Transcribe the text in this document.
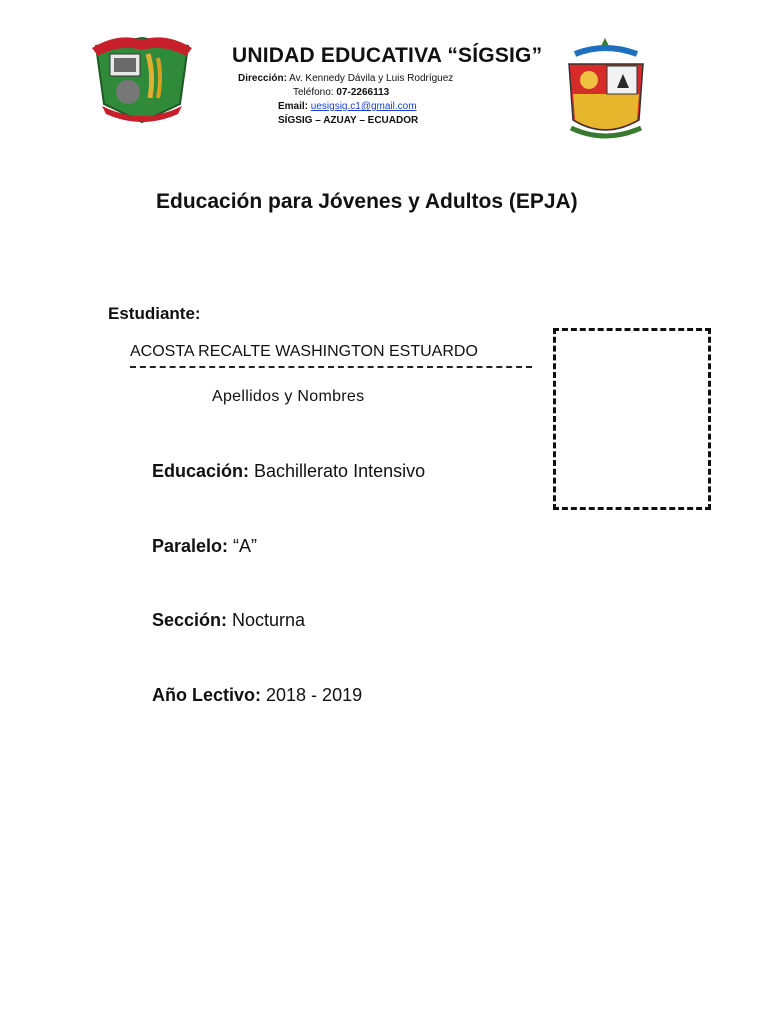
UNIDAD EDUCATIVA “SÍGSIG”
Dirección: Av. Kennedy Dávila y Luis Rodríguez
Teléfono: 07-2266113
Email: uesigsig.c1@gmail.com
SÍGSIG – AZUAY – ECUADOR
Educación para Jóvenes y Adultos (EPJA)
Estudiante:
ACOSTA RECALTE WASHINGTON ESTUARDO
Apellidos y Nombres
Educación: Bachillerato Intensivo
Paralelo: “A”
Sección: Nocturna
Año Lectivo: 2018 - 2019
